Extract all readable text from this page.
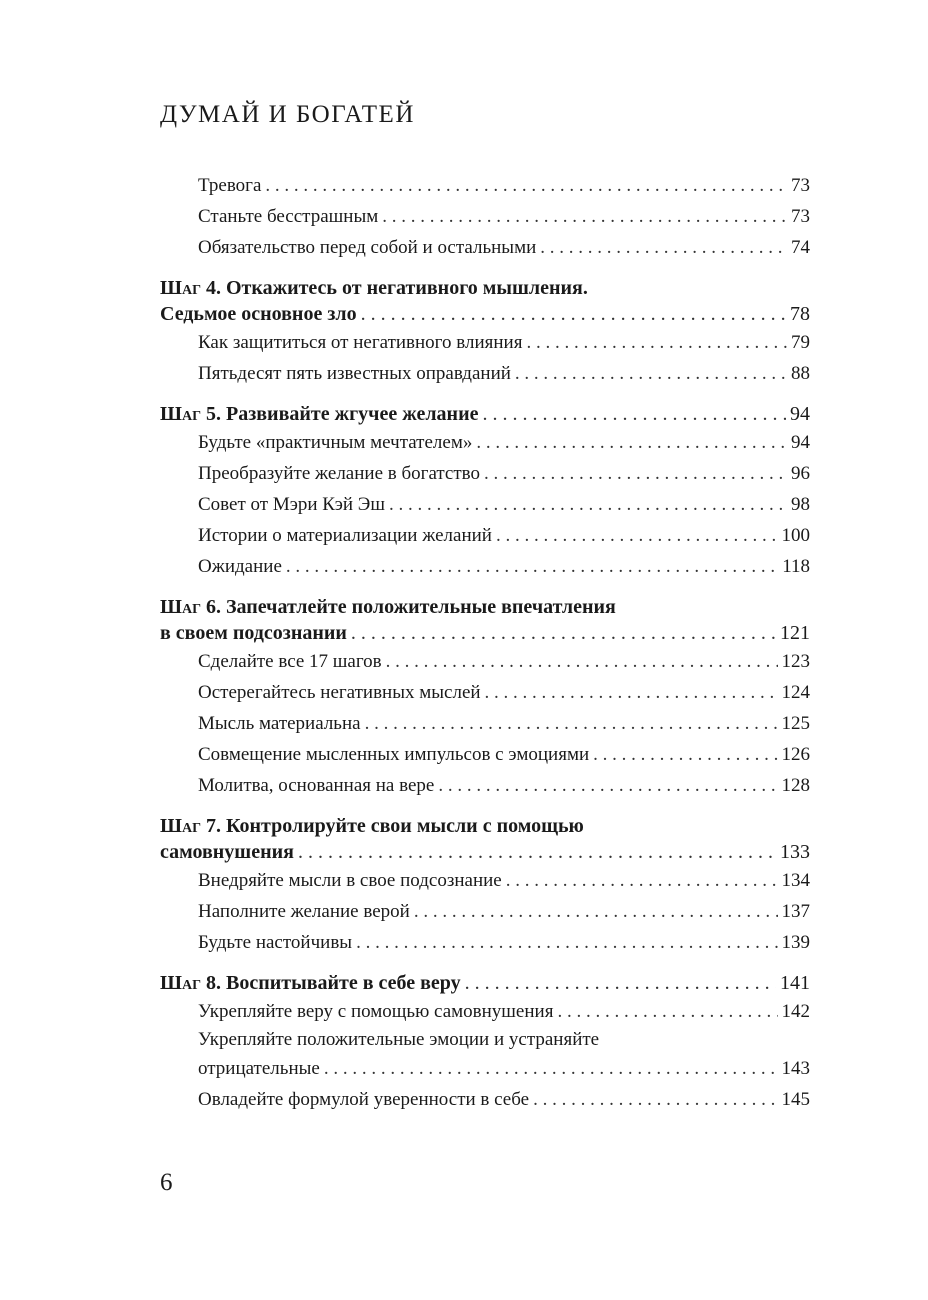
ДУМАЙ И БОГАТЕЙ
Тревога . . .	73
Станьте бесстрашным . . .	73
Обязательство перед собой и остальными . . .	74
Шаг 4. Откажитесь от негативного мышления.
Седьмое основное зло . . .	78
Как защититься от негативного влияния . . .	79
Пятьдесят пять известных оправданий . . .	88
Шаг 5. Развивайте жгучее желание . . .	94
Будьте «практичным мечтателем» . . .	94
Преобразуйте желание в богатство . . .	96
Совет от Мэри Кэй Эш . . .	98
Истории о материализации желаний . . .	100
Ожидание . . .	118
Шаг 6. Запечатлейте положительные впечатления
в своем подсознании . . .	121
Сделайте все 17 шагов . . .	123
Остерегайтесь негативных мыслей . . .	124
Мысль материальна . . .	125
Совмещение мысленных импульсов с эмоциями . . .	126
Молитва, основанная на вере . . .	128
Шаг 7. Контролируйте свои мысли с помощью
самовнушения . . .	133
Внедряйте мысли в свое подсознание . . .	134
Наполните желание верой . . .	137
Будьте настойчивы . . .	139
Шаг 8. Воспитывайте в себе веру . . .	141
Укрепляйте веру с помощью самовнушения . . .	142
Укрепляйте положительные эмоции и устраняйте
отрицательные . . .	143
Овладейте формулой уверенности в себе . . .	145
6
